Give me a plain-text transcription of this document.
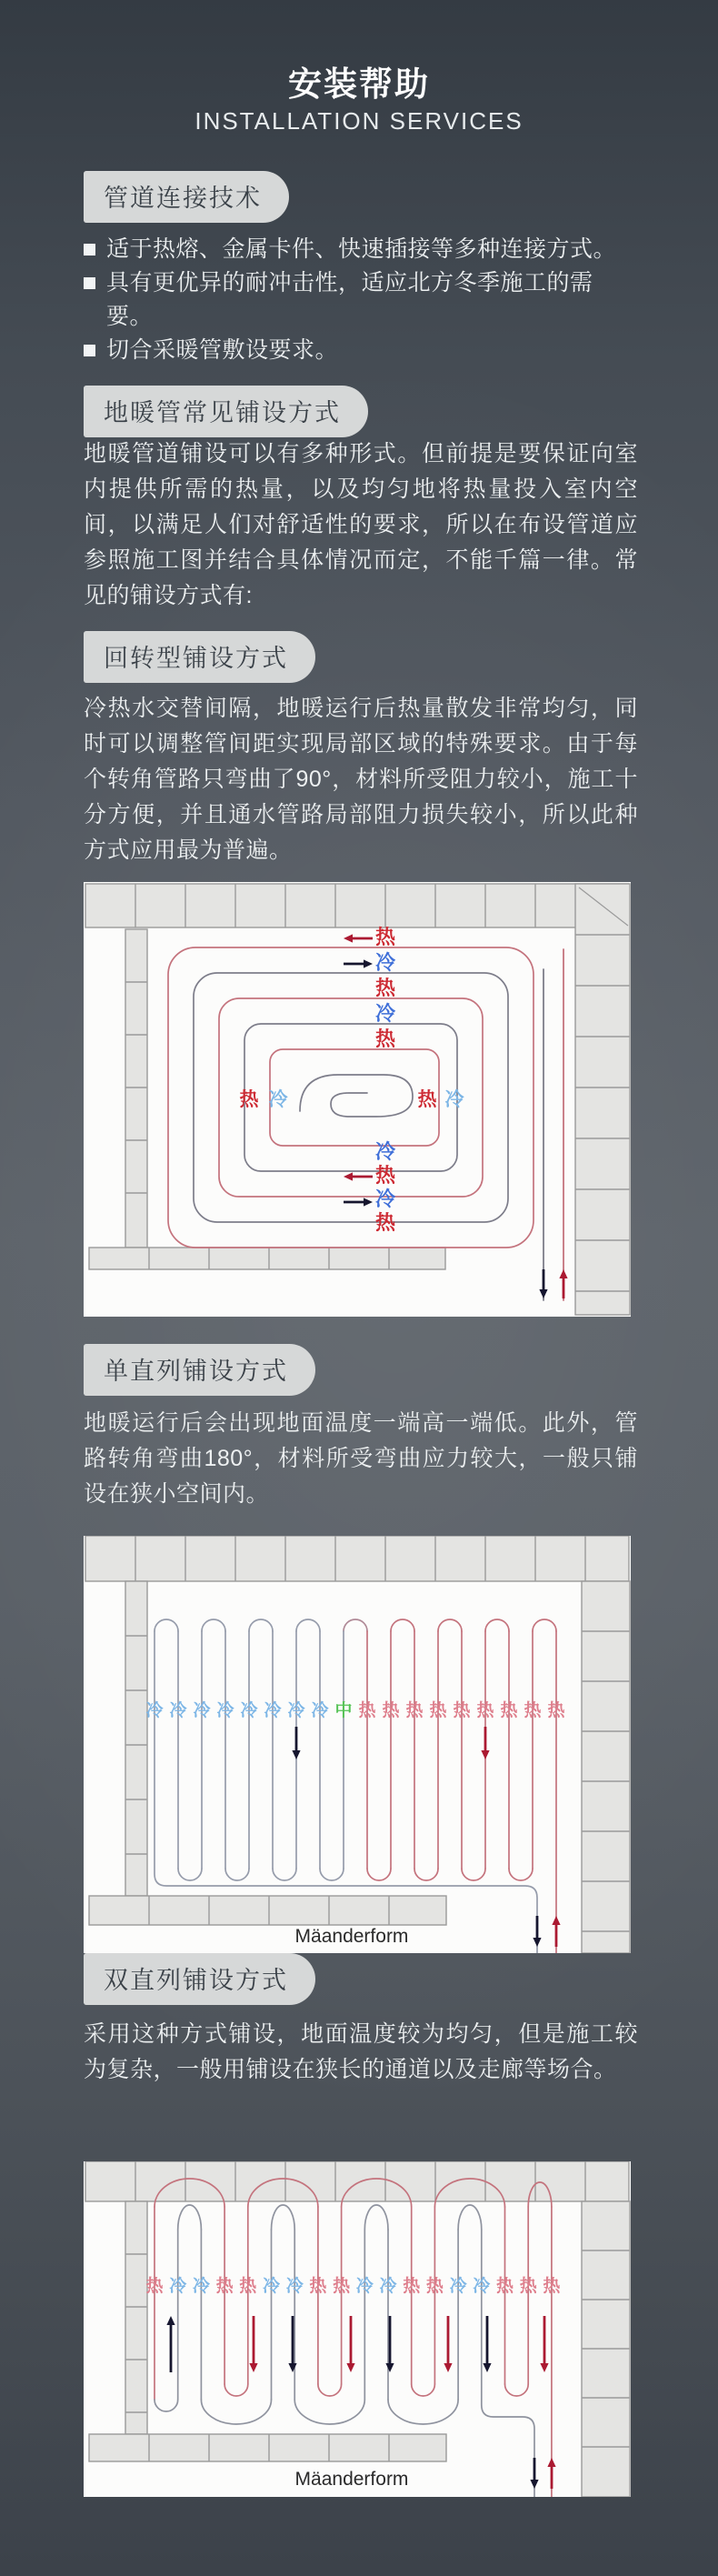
安装帮助
INSTALLATION SERVICES
管道连接技术
适于热熔、金属卡件、快速插接等多种连接方式。
具有更优异的耐冲击性，适应北方冬季施工的需要。
切合采暖管敷设要求。
地暖管常见铺设方式
地暖管道铺设可以有多种形式。但前提是要保证向室内提供所需的热量，以及均匀地将热量投入室内空间，以满足人们对舒适性的要求，所以在布设管道应参照施工图并结合具体情况而定，不能千篇一律。常见的铺设方式有:
回转型铺设方式
冷热水交替间隔，地暖运行后热量散发非常均匀，同时可以调整管间距实现局部区域的特殊要求。由于每个转角管路只弯曲了90°，材料所受阻力较小，施工十分方便，并且通水管路局部阻力损失较小，所以此种方式应用最为普遍。
热
冷
热
冷
热
冷
热
冷
热
热 冷	热 冷
单直列铺设方式
地暖运行后会出现地面温度一端高一端低。此外，管路转角弯曲180°，材料所受弯曲应力较大，一般只铺设在狭小空间内。
冷 冷 冷 冷 冷 冷 冷 冷 中 热 热 热 热 热 热 热 热 热
Mäanderform
双直列铺设方式
采用这种方式铺设，地面温度较为均匀，但是施工较为复杂，一般用铺设在狭长的通道以及走廊等场合。
热 冷 冷 热 热 冷 冷 热 热 冷 冷 热 热 冷 冷 热 热 热
Mäanderform
